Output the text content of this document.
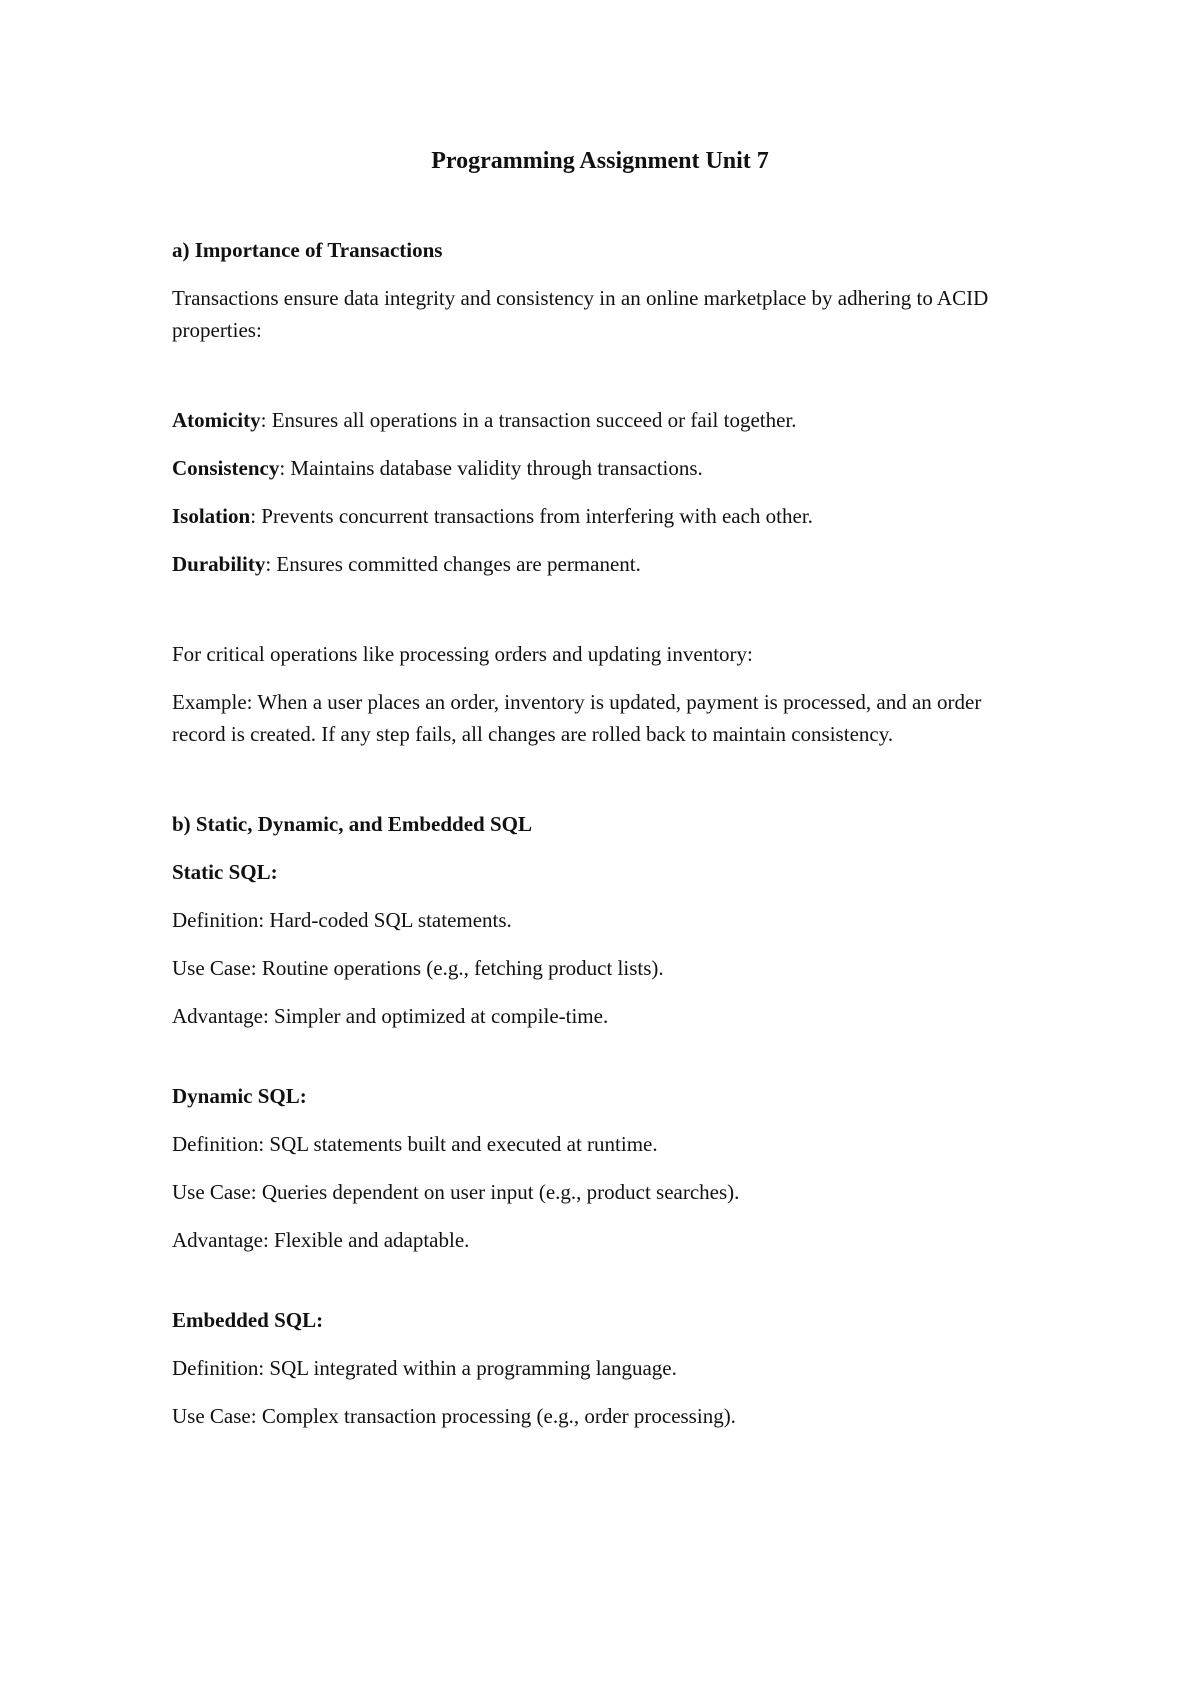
Programming Assignment Unit 7
a) Importance of Transactions

Transactions ensure data integrity and consistency in an online marketplace by adhering to ACID properties:

Atomicity: Ensures all operations in a transaction succeed or fail together.

Consistency: Maintains database validity through transactions.

Isolation: Prevents concurrent transactions from interfering with each other.

Durability: Ensures committed changes are permanent.

For critical operations like processing orders and updating inventory:

Example: When a user places an order, inventory is updated, payment is processed, and an order record is created. If any step fails, all changes are rolled back to maintain consistency.

b) Static, Dynamic, and Embedded SQL
Static SQL:

Definition: Hard-coded SQL statements.

Use Case: Routine operations (e.g., fetching product lists).

Advantage: Simpler and optimized at compile-time.

Dynamic SQL:

Definition: SQL statements built and executed at runtime.

Use Case: Queries dependent on user input (e.g., product searches).

Advantage: Flexible and adaptable.

Embedded SQL:

Definition: SQL integrated within a programming language.

Use Case: Complex transaction processing (e.g., order processing).
